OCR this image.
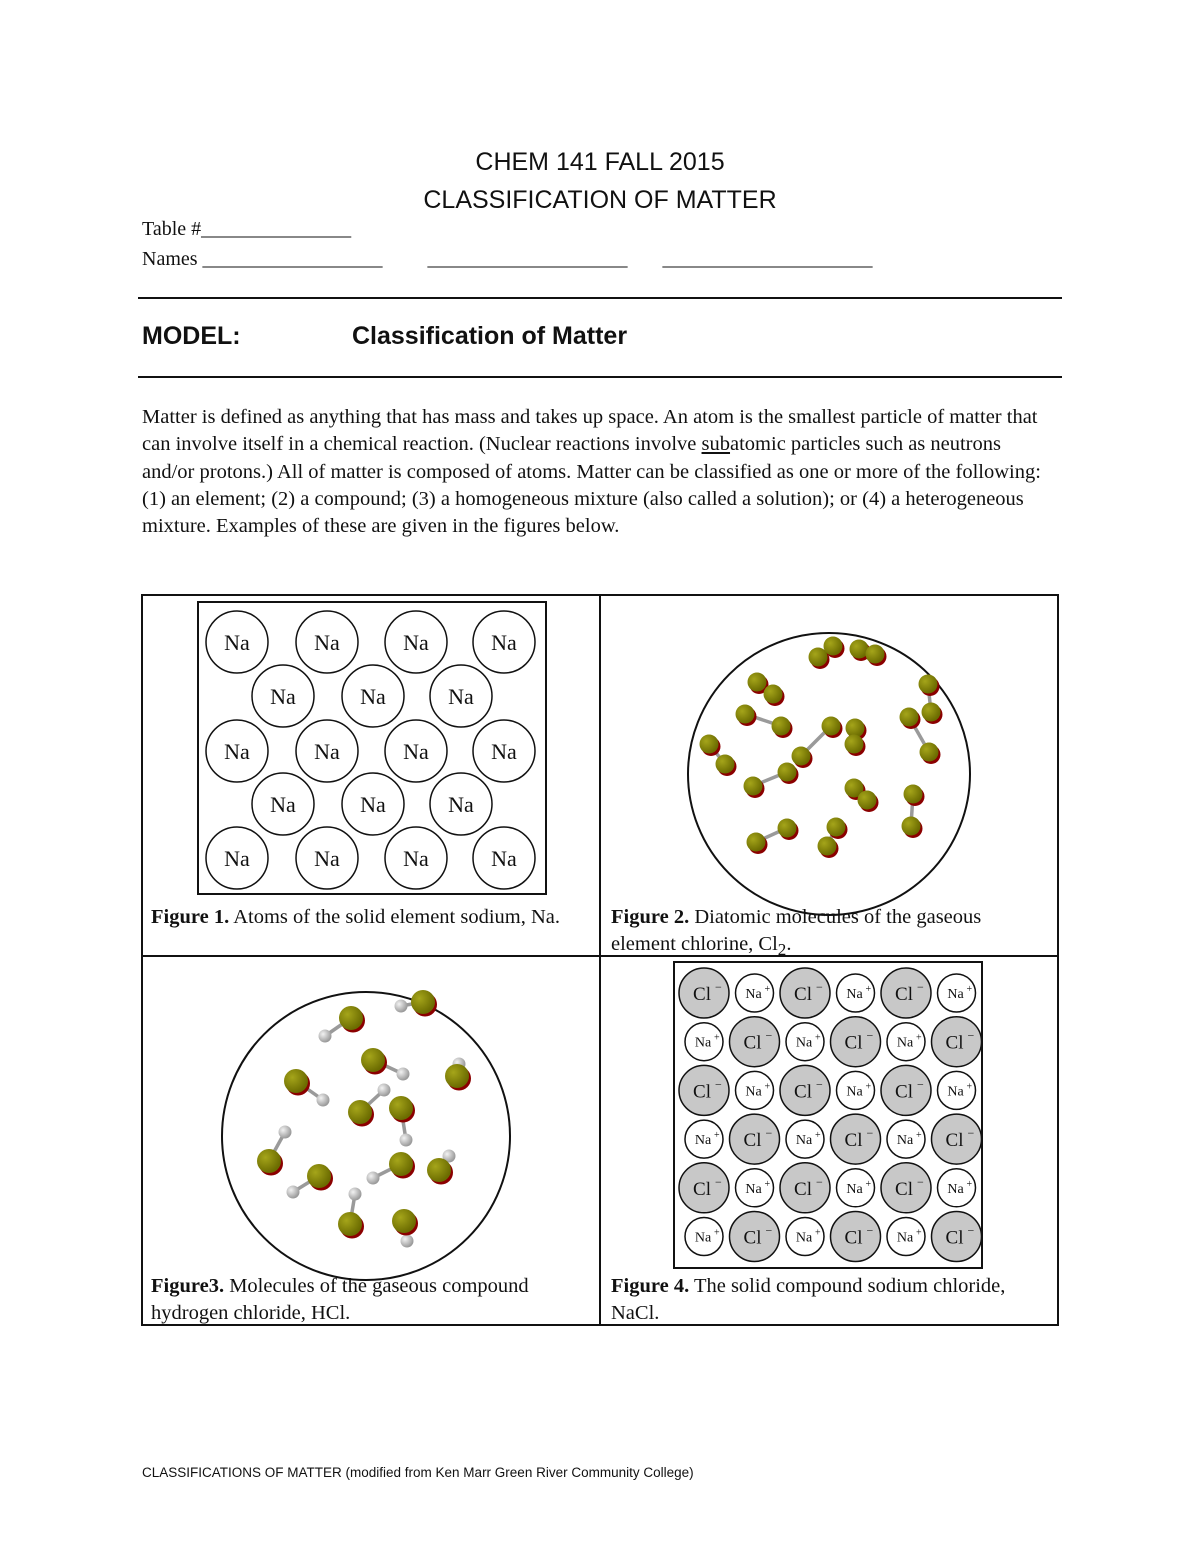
CHEM 141 FALL 2015
CLASSIFICATION OF MATTER
Table #_______________
Names __________________ ____________________ _____________________
MODEL:	Classification of Matter
Matter is defined as anything that has mass and takes up space. An atom is the smallest particle of matter that can involve itself in a chemical reaction. (Nuclear reactions involve subatomic particles such as neutrons and/or protons.) All of matter is composed of atoms. Matter can be classified as one or more of the following: (1) an element; (2) a compound; (3) a homogeneous mixture (also called a solution); or (4) a heterogeneous mixture. Examples of these are given in the figures below.
Na	Na	Na	Na
Na	Na	Na
Na	Na	Na	Na
Na	Na	Na
Na	Na	Na	Na
Cl − Na + Cl − Na + Cl − Na +
Na + Cl − Na + Cl − Na + Cl −
Cl − Na + Cl − Na + Cl − Na +
Na + Cl − Na + Cl − Na + Cl −
Cl − Na + Cl − Na + Cl − Na +
Na + Cl − Na + Cl − Na + Cl −
Figure 1. Atoms of the solid element sodium, Na.	Figure 2. Diatomic molecules of the gaseous element chlorine, $Cl_2$.
Figure3. Molecules of the gaseous compound hydrogen chloride, HCl.
Figure 4. The solid compound sodium chloride, NaCl.
CLASSIFICATIONS OF MATTER (modified from Ken Marr Green River Community College)
